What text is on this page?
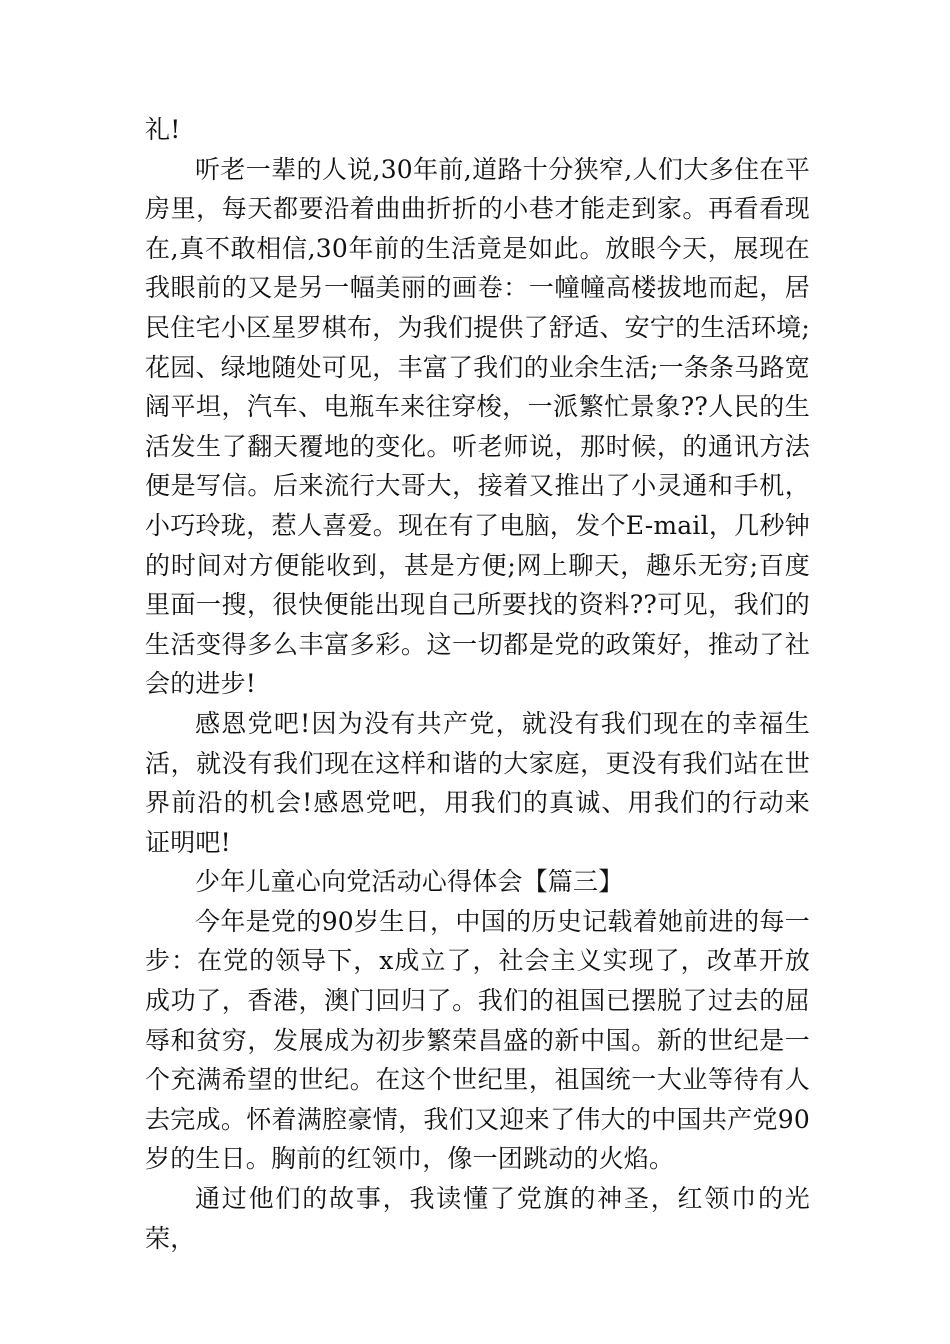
礼!

听老一辈的人说,30年前,道路十分狭窄,人们大多住在平房里，每天都要沿着曲曲折折的小巷才能走到家。再看看现在,真不敢相信,30年前的生活竟是如此。放眼今天，展现在我眼前的又是另一幅美丽的画卷：一幢幢高楼拔地而起，居民住宅小区星罗棋布，为我们提供了舒适、安宁的生活环境;花园、绿地随处可见，丰富了我们的业余生活;一条条马路宽阔平坦，汽车、电瓶车来往穿梭，一派繁忙景象??人民的生活发生了翻天覆地的变化。听老师说，那时候，的通讯方法便是写信。后来流行大哥大，接着又推出了小灵通和手机，小巧玲珑，惹人喜爱。现在有了电脑，发个E-mail，几秒钟的时间对方便能收到，甚是方便;网上聊天，趣乐无穷;百度里面一搜，很快便能出现自己所要找的资料??可见，我们的生活变得多么丰富多彩。这一切都是党的政策好，推动了社会的进步!

感恩党吧!因为没有共产党，就没有我们现在的幸福生活，就没有我们现在这样和谐的大家庭，更没有我们站在世界前沿的机会!感恩党吧，用我们的真诚、用我们的行动来证明吧!

少年儿童心向党活动心得体会【篇三】

今年是党的90岁生日，中国的历史记载着她前进的每一步：在党的领导下，x成立了，社会主义实现了，改革开放成功了，香港，澳门回归了。我们的祖国已摆脱了过去的屈辱和贫穷，发展成为初步繁荣昌盛的新中国。新的世纪是一个充满希望的世纪。在这个世纪里，祖国统一大业等待有人去完成。怀着满腔豪情，我们又迎来了伟大的中国共产党90岁的生日。胸前的红领巾，像一团跳动的火焰。

通过他们的故事，我读懂了党旗的神圣，红领巾的光荣，
